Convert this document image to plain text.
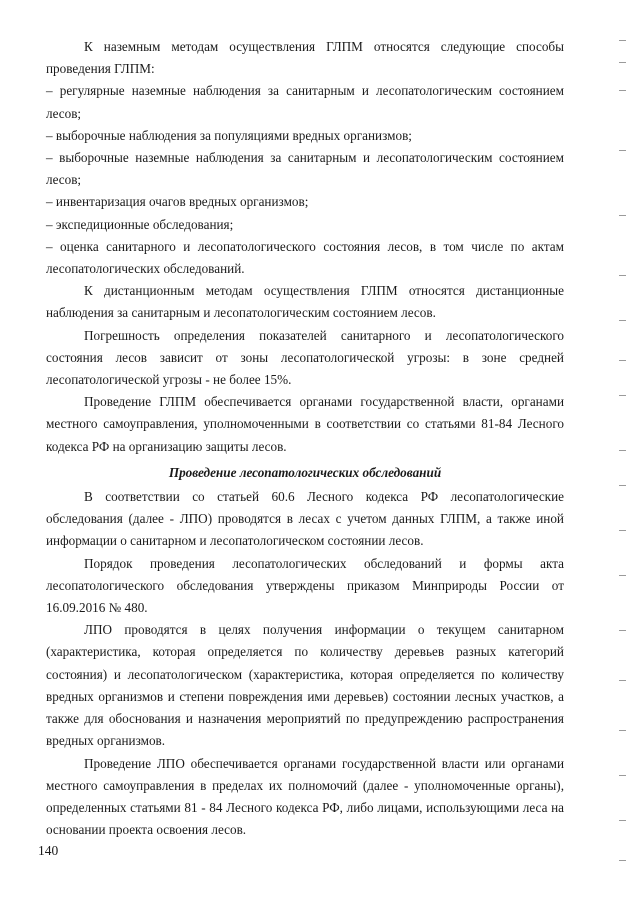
К наземным методам осуществления ГЛПМ относятся следующие способы проведения ГЛПМ:

– регулярные наземные наблюдения за санитарным и лесопатологическим состоянием лесов;

– выборочные наблюдения за популяциями вредных организмов;

– выборочные наземные наблюдения за санитарным и лесопатологическим состоянием лесов;

– инвентаризация очагов вредных организмов;

– экспедиционные обследования;

– оценка санитарного и лесопатологического состояния лесов, в том числе по актам лесопатологических обследований.

К дистанционным методам осуществления ГЛПМ относятся дистанционные наблюдения за санитарным и лесопатологическим состоянием лесов.

Погрешность определения показателей санитарного и лесопатологического состояния лесов зависит от зоны лесопатологической угрозы: в зоне средней лесопатологической угрозы - не более 15%.

Проведение ГЛПМ обеспечивается органами государственной власти, органами местного самоуправления, уполномоченными в соответствии со статьями 81-84 Лесного кодекса РФ на организацию защиты лесов.

Проведение лесопатологических обследований

В соответствии со статьей 60.6 Лесного кодекса РФ лесопатологические обследования (далее - ЛПО) проводятся в лесах с учетом данных ГЛПМ, а также иной информации о санитарном и лесопатологическом состоянии лесов.

Порядок проведения лесопатологических обследований и формы акта лесопатологического обследования утверждены приказом Минприроды России от 16.09.2016 № 480.

ЛПО проводятся в целях получения информации о текущем санитарном (характеристика, которая определяется по количеству деревьев разных категорий состояния) и лесопатологическом (характеристика, которая определяется по количеству вредных организмов и степени повреждения ими деревьев) состоянии лесных участков, а также для обоснования и назначения мероприятий по предупреждению распространения вредных организмов.

Проведение ЛПО обеспечивается органами государственной власти или органами местного самоуправления в пределах их полномочий (далее - уполномоченные органы), определенных статьями 81 - 84 Лесного кодекса РФ, либо лицами, использующими леса на основании проекта освоения лесов.

140
